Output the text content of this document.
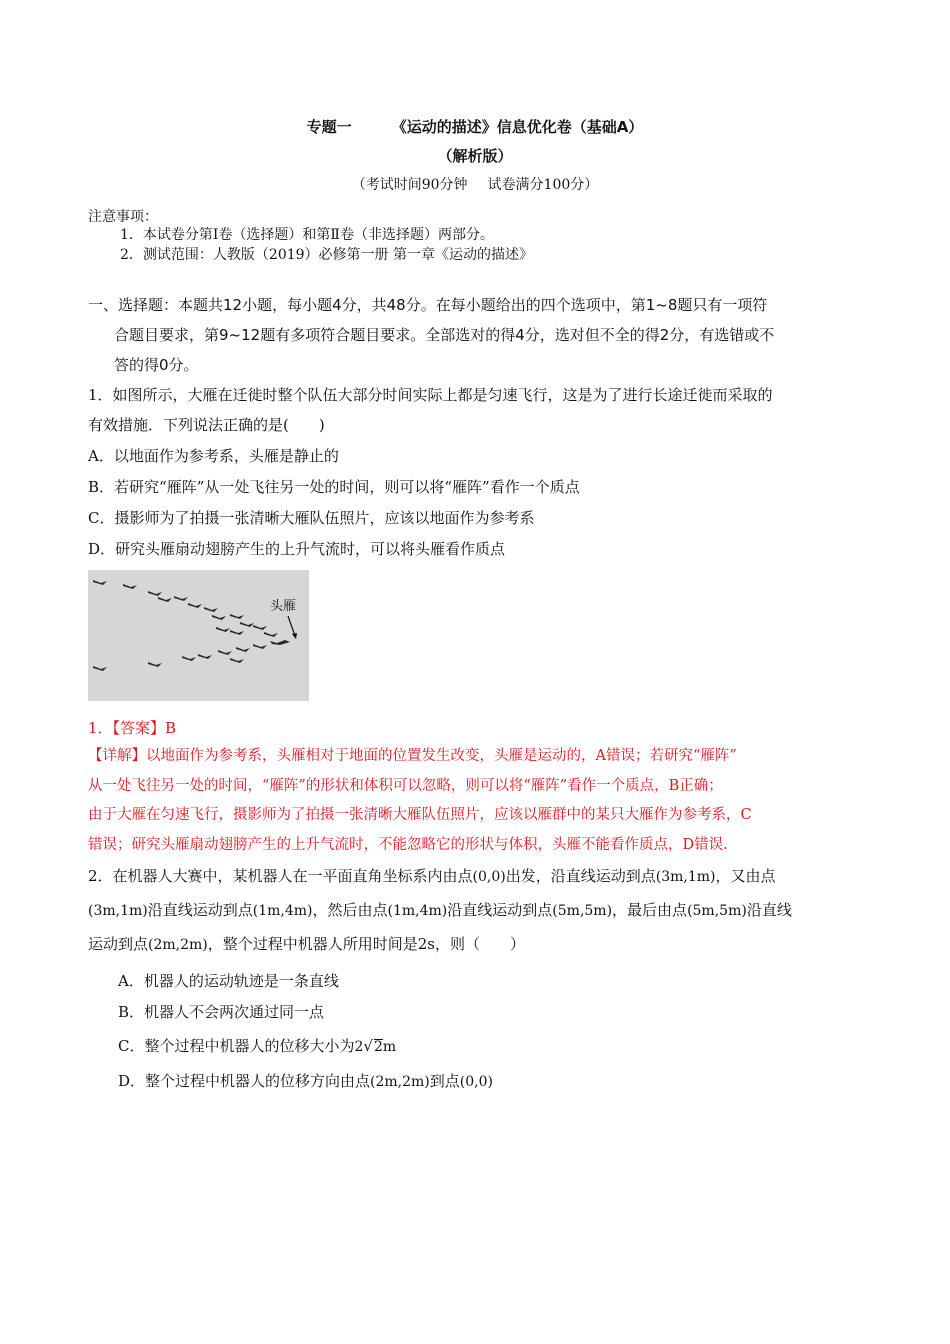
专题一	《运动的描述》信息优化卷（基础A）
（解析版）
（考试时间90分钟 试卷满分100分）
注意事项：
1．本试卷分第Ⅰ卷（选择题）和第Ⅱ卷（非选择题）两部分。
2．测试范围：人教版（2019）必修第一册 第一章《运动的描述》
一、选择题：本题共12小题，每小题4分，共48分。在每小题给出的四个选项中，第1~8题只有一项符
合题目要求，第9~12题有多项符合题目要求。全部选对的得4分，选对但不全的得2分，有选错或不
答的得0分。
1．如图所示，大雁在迁徙时整个队伍大部分时间实际上都是匀速飞行，这是为了进行长途迁徙而采取的
有效措施．下列说法正确的是(　　)
A．以地面作为参考系，头雁是静止的
B．若研究“雁阵”从一处飞往另一处的时间，则可以将“雁阵”看作一个质点
C．摄影师为了拍摄一张清晰大雁队伍照片，应该以地面作为参考系
D．研究头雁扇动翅膀产生的上升气流时，可以将头雁看作质点
头雁
1．【答案】B
【详解】以地面作为参考系，头雁相对于地面的位置发生改变，头雁是运动的，A错误；若研究“雁阵”
从一处飞往另一处的时间，“雁阵”的形状和体积可以忽略，则可以将“雁阵”看作一个质点，B正确；
由于大雁在匀速飞行，摄影师为了拍摄一张清晰大雁队伍照片，应该以雁群中的某只大雁作为参考系，C
错误；研究头雁扇动翅膀产生的上升气流时，不能忽略它的形状与体积，头雁不能看作质点，D错误.
2．在机器人大赛中，某机器人在一平面直角坐标系内由点(0,0)出发，沿直线运动到点(3m,1m)，又由点
(3m,1m)沿直线运动到点(1m,4m)，然后由点(1m,4m)沿直线运动到点(5m,5m)，最后由点(5m,5m)沿直线
运动到点(2m,2m)，整个过程中机器人所用时间是2s，则（　　）
A．机器人的运动轨迹是一条直线
B．机器人不会两次通过同一点
C．整个过程中机器人的位移大小为2√2m
D．整个过程中机器人的位移方向由点(2m,2m)到点(0,0)
